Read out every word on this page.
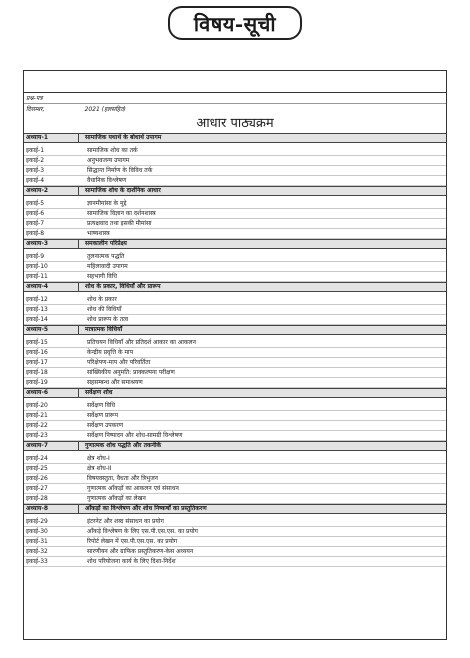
विषय-सूची
प्रश्न-पत्र
दिसम्बर,	2021 (हलसहित)
आधार पाठ्यक्रम
अध्याय-1	सामाजिक यथार्थ के बोधार्थ उपागम
इकाई-1	सामाजिक शोध का तर्क
इकाई-2	अनुभवजन्य उपागम
इकाई-3	सिद्धान्त निर्माण के विविध तर्क
इकाई-4	वैधानिक विश्लेषण
अध्याय-2	सामाजिक शोध के दार्शनिक आधार
इकाई-5	ज्ञानमीमांसा के मुद्दे
इकाई-6	सामाजिक विज्ञान का दर्शनशास्त्र
इकाई-7	प्रत्यक्षवाद तथा इसकी मीमांसा
इकाई-8	भाष्यशास्त्र
अध्याय-3	समकालीन परिप्रेक्ष्य
इकाई-9	तुलनात्मक पद्धति
इकाई-10	महिलावादी उपागम
इकाई-11	सहभागी विधि
अध्याय-4	शोध के प्रकार, विधियाँ और प्रारूप
इकाई-12	शोध के प्रकार
इकाई-13	शोध की विधियाँ
इकाई-14	शोध प्रारूप के तत्व
अध्याय-5	मात्रात्मक विधियाँ
इकाई-15	प्रतिचयन विधियाँ और प्रतिदर्श आकार का आकलन
इकाई-16	केन्द्रीय प्रवृत्ति के माप
इकाई-17	परिक्षेपण-माप और परिवर्तिता
इकाई-18	सांख्यिकीय अनुमति: प्राक्कल्पना परीक्षण
इकाई-19	सहसम्बन्ध और समाश्रयण
अध्याय-6	सर्वेक्षण शोध
इकाई-20	सर्वेक्षण विधि
इकाई-21	सर्वेक्षण प्रारूप
इकाई-22	सर्वेक्षण उपकरण
इकाई-23	सर्वेक्षण निष्पादन और शोध-सामग्री विश्लेषण
अध्याय-7	गुणात्मक शोध पद्धति और तकनीकें
इकाई-24	क्षेत्र शोध-I
इकाई-25	क्षेत्र शोध-II
इकाई-26	विषयवस्तुता, वैधता और त्रिभुजन
इकाई-27	गुणात्मक आँकड़ों का आकलन एवं संसाधन
इकाई-28	गुणात्मक आँकड़ों का लेखन
अध्याय-8	आँकड़ों का विश्लेषण और शोध निष्कर्षों का प्रस्तुतिकरण
इकाई-29	इंटरनेट और शब्द संसाधन का प्रयोग
इकाई-30	आँकड़े विश्लेषण के लिए एस.पी.एस.एस. का प्रयोग
इकाई-31	रिपोर्ट लेखन में एस.पी.एस.एस. का प्रयोग
इकाई-32	सारणीयन और ग्राफिक प्रस्तुतिकरण-केस अध्ययन
इकाई-33	शोध परियोजना कार्य के लिए दिशा-निर्देश
